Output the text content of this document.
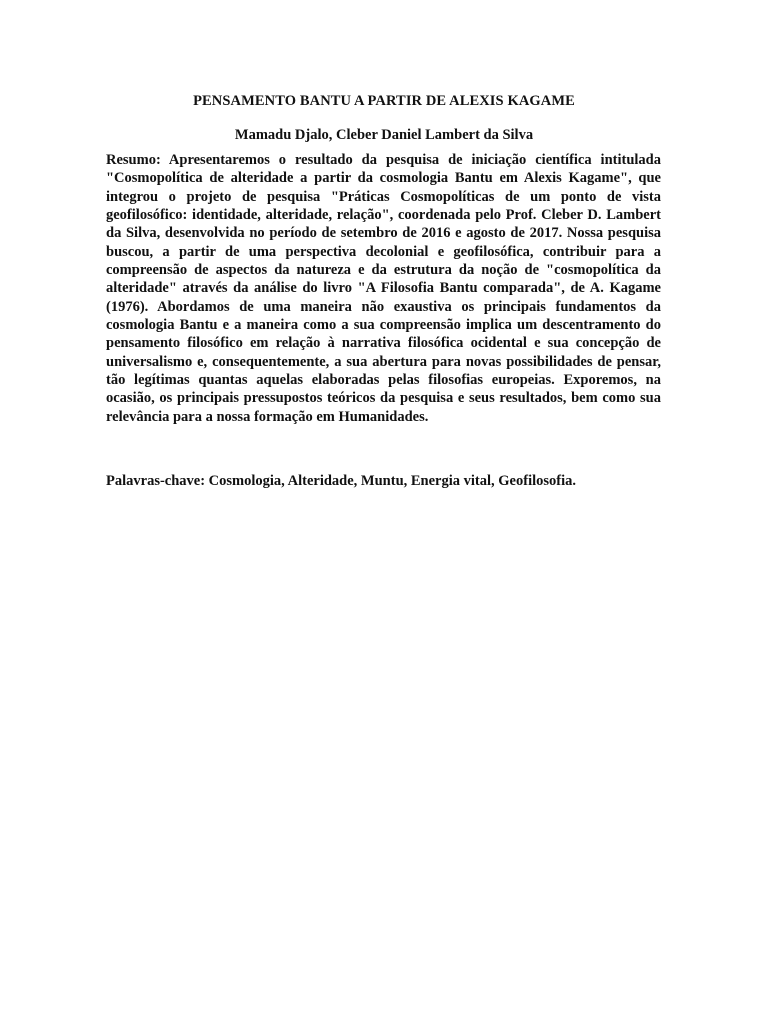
PENSAMENTO BANTU A PARTIR DE ALEXIS KAGAME
Mamadu Djalo, Cleber Daniel Lambert da Silva

Resumo: Apresentaremos o resultado da pesquisa de iniciação científica intitulada "Cosmopolítica de alteridade a partir da cosmologia Bantu em Alexis Kagame", que integrou o projeto de pesquisa "Práticas Cosmopolíticas de um ponto de vista geofilosófico: identidade, alteridade, relação", coordenada pelo Prof. Cleber D. Lambert da Silva, desenvolvida no período de setembro de 2016 e agosto de 2017. Nossa pesquisa buscou, a partir de uma perspectiva decolonial e geofilosófica, contribuir para a compreensão de aspectos da natureza e da estrutura da noção de "cosmopolítica da alteridade" através da análise do livro "A Filosofia Bantu comparada", de A. Kagame (1976). Abordamos de uma maneira não exaustiva os principais fundamentos da cosmologia Bantu e a maneira como a sua compreensão implica um descentramento do pensamento filosófico em relação à narrativa filosófica ocidental e sua concepção de universalismo e, consequentemente, a sua abertura para novas possibilidades de pensar, tão legítimas quantas aquelas elaboradas pelas filosofias europeias. Exporemos, na ocasião, os principais pressupostos teóricos da pesquisa e seus resultados, bem como sua relevância para a nossa formação em Humanidades.

Palavras-chave: Cosmologia, Alteridade, Muntu, Energia vital, Geofilosofia.
